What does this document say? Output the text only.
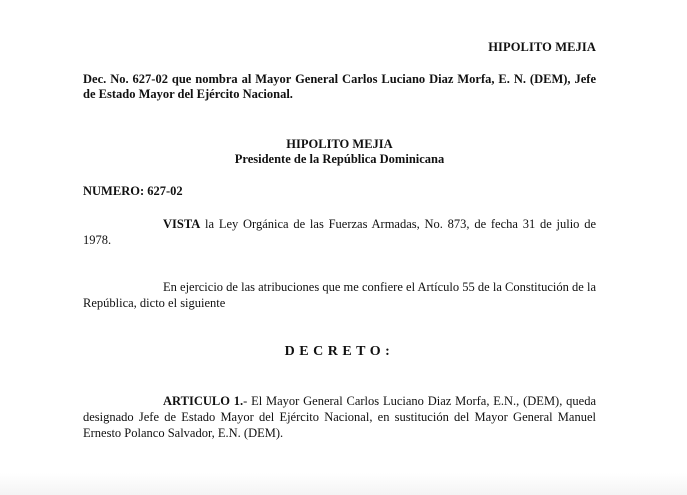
HIPOLITO MEJIA
Dec. No. 627-02 que nombra al Mayor General Carlos Luciano Diaz Morfa, E. N. (DEM), Jefe de Estado Mayor del Ejército Nacional.
HIPOLITO MEJIA
Presidente de la República Dominicana
NUMERO: 627-02
VISTA la Ley Orgánica de las Fuerzas Armadas, No. 873, de fecha 31 de julio de 1978.
En ejercicio de las atribuciones que me confiere el Artículo 55 de la Constitución de la República, dicto el siguiente
DECRETO:
ARTICULO 1.- El Mayor General Carlos Luciano Diaz Morfa, E.N., (DEM), queda designado Jefe de Estado Mayor del Ejército Nacional, en sustitución del Mayor General Manuel Ernesto Polanco Salvador, E.N. (DEM).
